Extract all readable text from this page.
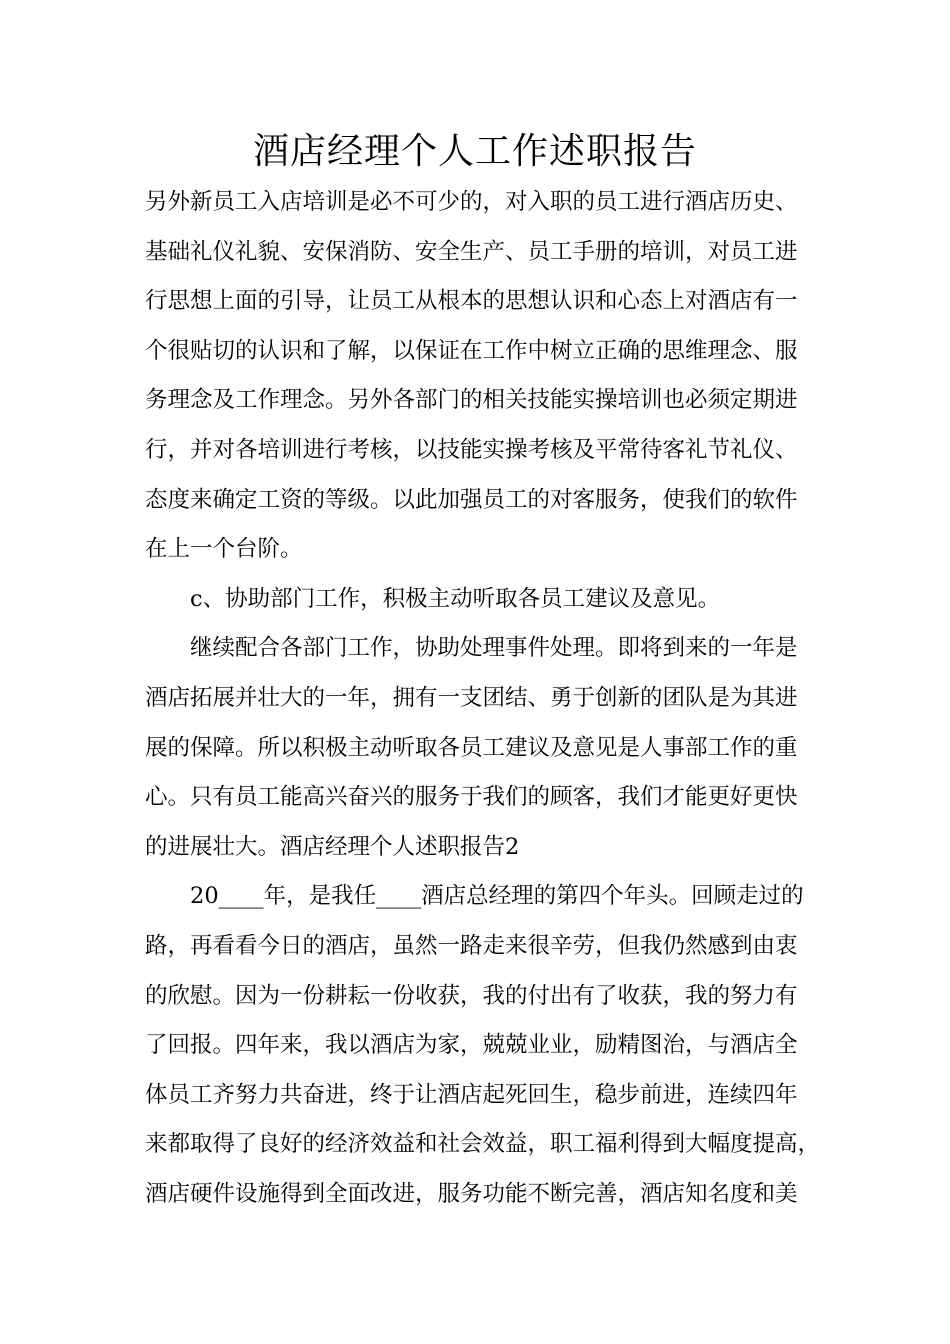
酒店经理个人工作述职报告
另外新员工入店培训是必不可少的，对入职的员工进行酒店历史、
基础礼仪礼貌、安保消防、安全生产、员工手册的培训，对员工进
行思想上面的引导，让员工从根本的思想认识和心态上对酒店有一
个很贴切的认识和了解，以保证在工作中树立正确的思维理念、服
务理念及工作理念。另外各部门的相关技能实操培训也必须定期进
行，并对各培训进行考核，以技能实操考核及平常待客礼节礼仪、
态度来确定工资的等级。以此加强员工的对客服务，使我们的软件
在上一个台阶。
c、协助部门工作，积极主动听取各员工建议及意见。
继续配合各部门工作，协助处理事件处理。即将到来的一年是
酒店拓展并壮大的一年，拥有一支团结、勇于创新的团队是为其进
展的保障。所以积极主动听取各员工建议及意见是人事部工作的重
心。只有员工能高兴奋兴的服务于我们的顾客，我们才能更好更快
的进展壮大。酒店经理个人述职报告2
20____年，是我任____酒店总经理的第四个年头。回顾走过的
路，再看看今日的酒店，虽然一路走来很辛劳，但我仍然感到由衷
的欣慰。因为一份耕耘一份收获，我的付出有了收获，我的努力有
了回报。四年来，我以酒店为家，兢兢业业，励精图治，与酒店全
体员工齐努力共奋进，终于让酒店起死回生，稳步前进，连续四年
来都取得了良好的经济效益和社会效益，职工福利得到大幅度提高，
酒店硬件设施得到全面改进，服务功能不断完善，酒店知名度和美
